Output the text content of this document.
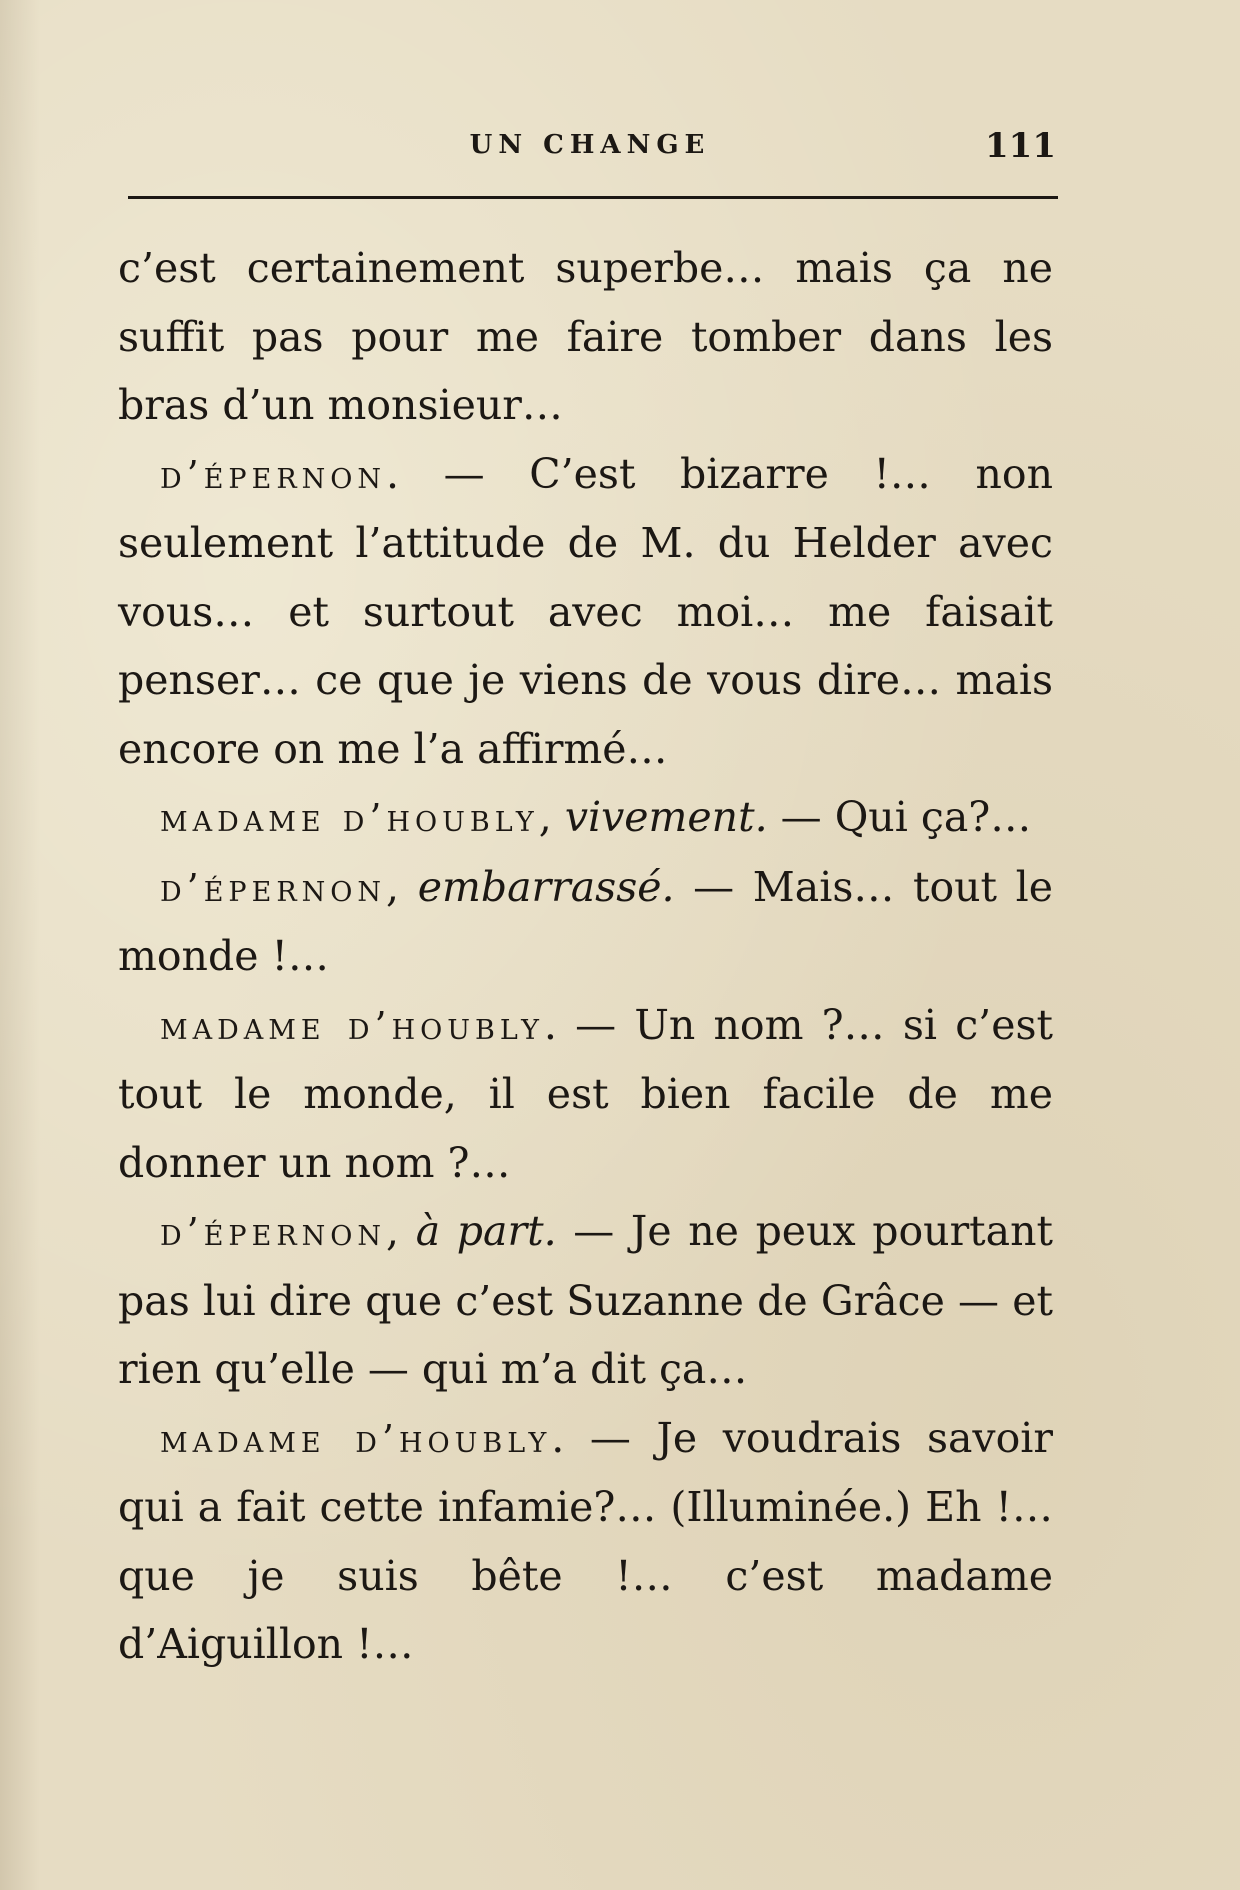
UN CHANGE	111

c’est certainement superbe… mais ça ne suffit pas pour me faire tomber dans les bras d’un monsieur…

d’épernon. — C’est bizarre !… non seulement l’attitude de M. du Helder avec vous… et surtout avec moi… me faisait penser… ce que je viens de vous dire… mais encore on me l’a affirmé…

madame d’houbly, vivement. — Qui ça?…

d’épernon, embarrassé. — Mais… tout le monde !…

madame d’houbly. — Un nom ?… si c’est tout le monde, il est bien facile de me donner un nom ?…

d’épernon, à part. — Je ne peux pourtant pas lui dire que c’est Suzanne de Grâce — et rien qu’elle — qui m’a dit ça…

madame d’houbly. — Je voudrais savoir qui a fait cette infamie?… (Illuminée.) Eh !… que je suis bête !… c’est madame d’Aiguillon !…
